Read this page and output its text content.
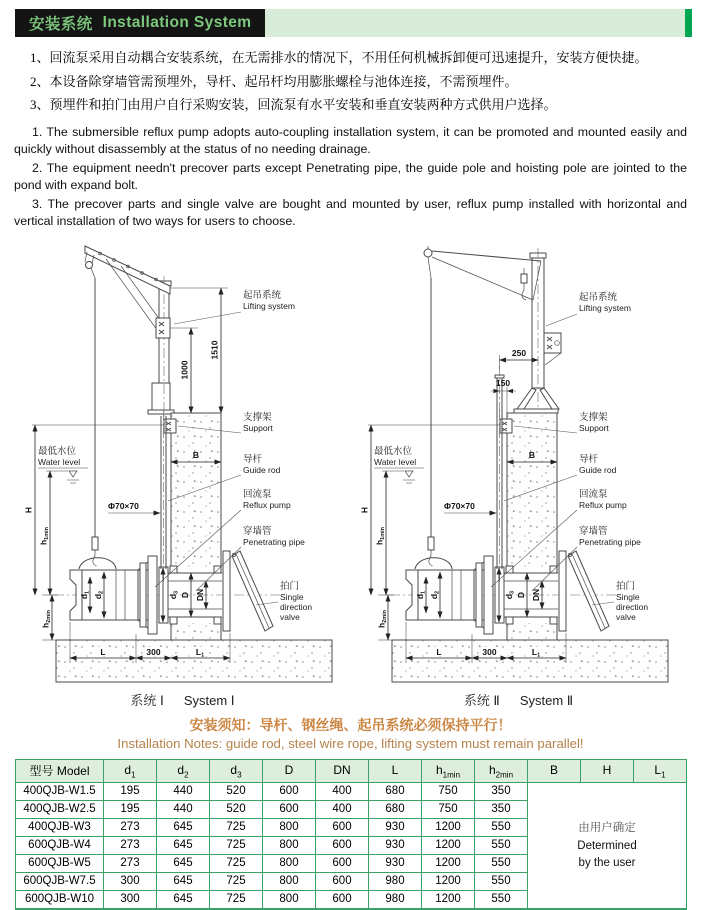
安装系统 Installation System

1、回流泵采用自动耦合安装系统，在无需排水的情况下，不用任何机械拆卸便可迅速提升，安装方便快捷。

2、本设备除穿墙管需预埋外，导杆、起吊杆均用膨胀螺栓与池体连接，不需预埋件。

3、预埋件和拍门由用户自行采购安装，回流泵有水平安装和垂直安装两种方式供用户选择。

1. The submersible reflux pump adopts auto-coupling installation system, it can be promoted and mounted easily and quickly without disassembly at the status of no needing drainage.

2. The equipment needn't precover parts except Penetrating pipe, the guide pole and hoisting pole are jointed to the pond with expand bolt.

3. The precover parts and single valve are bought and mounted by user, reflux pump installed with horizontal and vertical installation of two ways for users to choose.

1510
1000
起吊系统
Lifting system
系统 Ⅰ System Ⅰ
250
150
起吊系统
Lifting system
系统 Ⅱ System Ⅱ
安装须知：导杆、钢丝绳、起吊系统必须保持平行！
Installation Notes: guide rod, steel wire rope, lifting system must remain parallel!
型号 Model	$d_1$	$d_2$	$d_3$	D	DN	L	$h_{1min}$	$h_{2min}$	B	H	$L_1$
400QJB-W1.5	195	440	520	600	400	680	750	350	由用户确定
Determined
by the user		

400QJB-W2.5	195	440	520	600	400	680	750	350			
400QJB-W3	273	645	725	800	600	930	1200	550			
600QJB-W4	273	645	725	800	600	930	1200	550			
600QJB-W5	273	645	725	800	600	930	1200	550			
600QJB-W7.5	300	645	725	800	600	980	1200	550			
600QJB-W10	300	645	725	800	600	980	1200	550			
